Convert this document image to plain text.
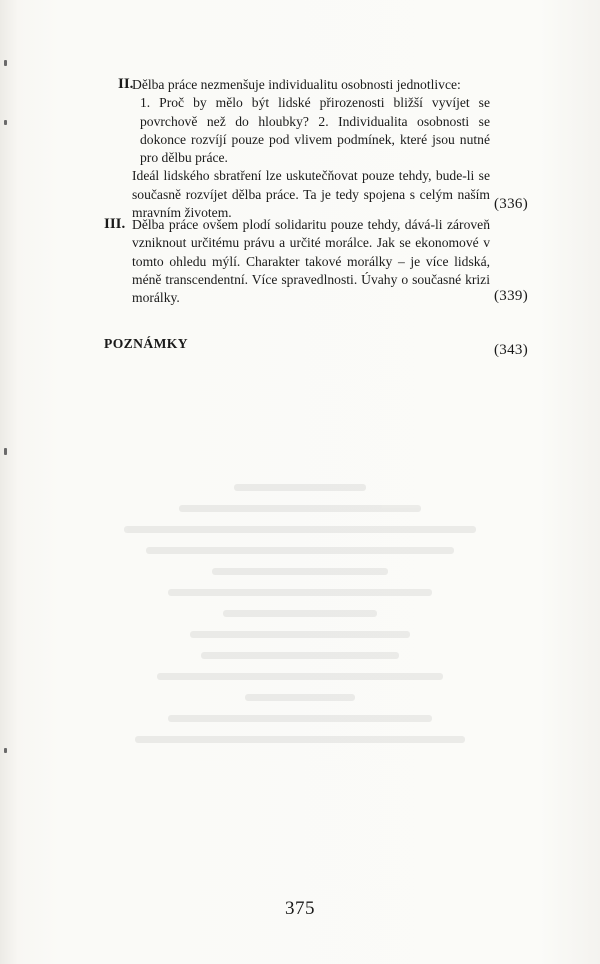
II.

Dělba práce nezmenšuje individualitu osobnosti jednotlivce:

1. Proč by mělo být lidské přirozenosti bližší vyvíjet se povrchově než do hloubky? 2. Individualita osobnosti se dokonce rozvíjí pouze pod vlivem podmínek, které jsou nutné pro dělbu práce.

Ideál lidského sbratření lze uskutečňovat pouze tehdy, bude-li se současně rozvíjet dělba práce. Ta je tedy spojena s celým naším mravním životem.

(336)
III. Dělba práce ovšem plodí solidaritu pouze tehdy, dává-li zároveň vzniknout určitému právu a určité morálce. Jak se ekonomové v tomto ohledu mýlí. Charakter takové morálky – je více lidská, méně transcendentní. Více spravedlnosti. Úvahy o současné krizi morálky.	(339)
POZNÁMKY	(343)
375
